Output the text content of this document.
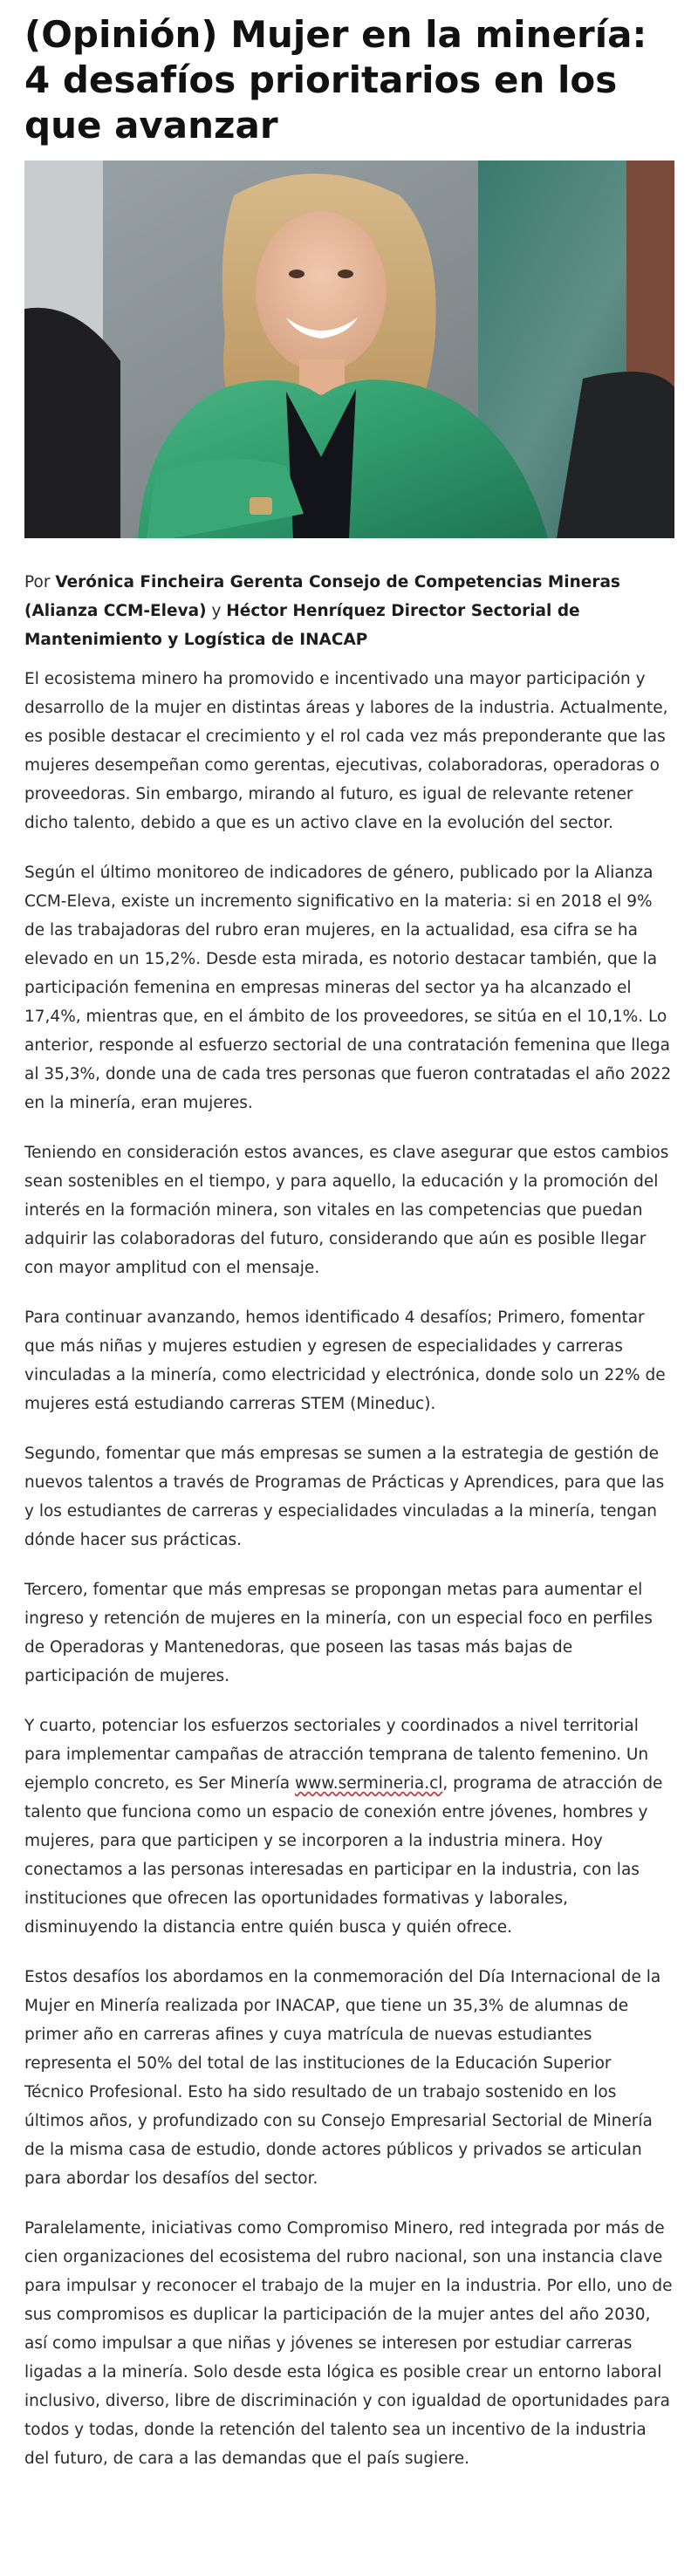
(Opinión) Mujer en la minería: 4 desafíos prioritarios en los que avanzar

Por Verónica Fincheira Gerenta Consejo de Competencias Mineras (Alianza CCM-Eleva) y Héctor Henríquez Director Sectorial de Mantenimiento y Logística de INACAP

El ecosistema minero ha promovido e incentivado una mayor participación y desarrollo de la mujer en distintas áreas y labores de la industria. Actualmente, es posible destacar el crecimiento y el rol cada vez más preponderante que las mujeres desempeñan como gerentas, ejecutivas, colaboradoras, operadoras o proveedoras. Sin embargo, mirando al futuro, es igual de relevante retener dicho talento, debido a que es un activo clave en la evolución del sector.

Según el último monitoreo de indicadores de género, publicado por la Alianza CCM-Eleva, existe un incremento significativo en la materia: si en 2018 el 9% de las trabajadoras del rubro eran mujeres, en la actualidad, esa cifra se ha elevado en un 15,2%. Desde esta mirada, es notorio destacar también, que la participación femenina en empresas mineras del sector ya ha alcanzado el 17,4%, mientras que, en el ámbito de los proveedores, se sitúa en el 10,1%. Lo anterior, responde al esfuerzo sectorial de una contratación femenina que llega al 35,3%, donde una de cada tres personas que fueron contratadas el año 2022 en la minería, eran mujeres.

Teniendo en consideración estos avances, es clave asegurar que estos cambios sean sostenibles en el tiempo, y para aquello, la educación y la promoción del interés en la formación minera, son vitales en las competencias que puedan adquirir las colaboradoras del futuro, considerando que aún es posible llegar con mayor amplitud con el mensaje.

Para continuar avanzando, hemos identificado 4 desafíos; Primero, fomentar que más niñas y mujeres estudien y egresen de especialidades y carreras vinculadas a la minería, como electricidad y electrónica, donde solo un 22% de mujeres está estudiando carreras STEM (Mineduc).

Segundo, fomentar que más empresas se sumen a la estrategia de gestión de nuevos talentos a través de Programas de Prácticas y Aprendices, para que las y los estudiantes de carreras y especialidades vinculadas a la minería, tengan dónde hacer sus prácticas.

Tercero, fomentar que más empresas se propongan metas para aumentar el ingreso y retención de mujeres en la minería, con un especial foco en perfiles de Operadoras y Mantenedoras, que poseen las tasas más bajas de participación de mujeres.

Y cuarto, potenciar los esfuerzos sectoriales y coordinados a nivel territorial para implementar campañas de atracción temprana de talento femenino. Un ejemplo concreto, es Ser Minería www.sermineria.cl, programa de atracción de talento que funciona como un espacio de conexión entre jóvenes, hombres y mujeres, para que participen y se incorporen a la industria minera. Hoy conectamos a las personas interesadas en participar en la industria, con las instituciones que ofrecen las oportunidades formativas y laborales, disminuyendo la distancia entre quién busca y quién ofrece.

Estos desafíos los abordamos en la conmemoración del Día Internacional de la Mujer en Minería realizada por INACAP, que tiene un 35,3% de alumnas de primer año en carreras afines y cuya matrícula de nuevas estudiantes representa el 50% del total de las instituciones de la Educación Superior Técnico Profesional. Esto ha sido resultado de un trabajo sostenido en los últimos años, y profundizado con su Consejo Empresarial Sectorial de Minería de la misma casa de estudio, donde actores públicos y privados se articulan para abordar los desafíos del sector.

Paralelamente, iniciativas como Compromiso Minero, red integrada por más de cien organizaciones del ecosistema del rubro nacional, son una instancia clave para impulsar y reconocer el trabajo de la mujer en la industria. Por ello, uno de sus compromisos es duplicar la participación de la mujer antes del año 2030, así como impulsar a que niñas y jóvenes se interesen por estudiar carreras ligadas a la minería. Solo desde esta lógica es posible crear un entorno laboral inclusivo, diverso, libre de discriminación y con igualdad de oportunidades para todos y todas, donde la retención del talento sea un incentivo de la industria del futuro, de cara a las demandas que el país sugiere.
